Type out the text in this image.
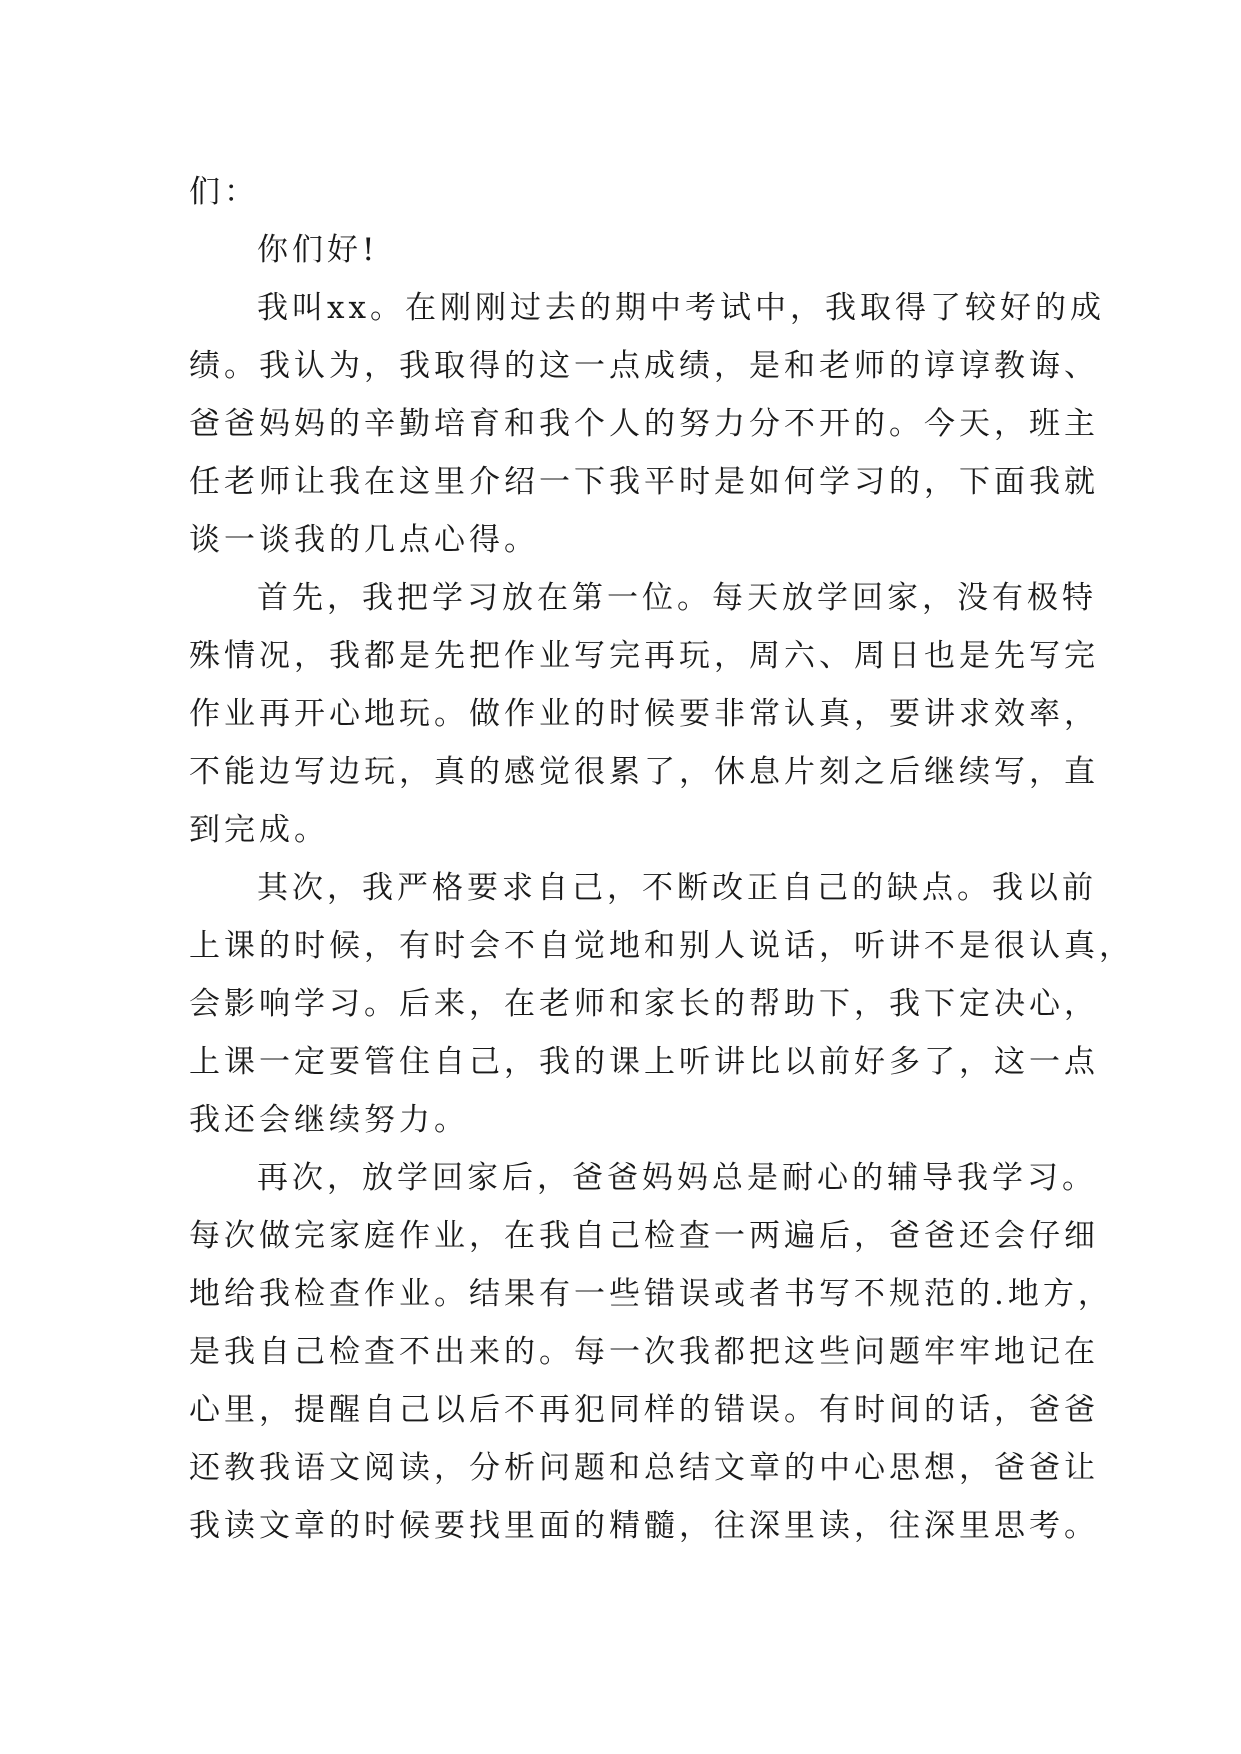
们：
你们好!
我叫xx。在刚刚过去的期中考试中，我取得了较好的成
绩。我认为，我取得的这一点成绩，是和老师的谆谆教诲、
爸爸妈妈的辛勤培育和我个人的努力分不开的。今天，班主
任老师让我在这里介绍一下我平时是如何学习的，下面我就
谈一谈我的几点心得。
首先，我把学习放在第一位。每天放学回家，没有极特
殊情况，我都是先把作业写完再玩，周六、周日也是先写完
作业再开心地玩。做作业的时候要非常认真，要讲求效率，
不能边写边玩，真的感觉很累了，休息片刻之后继续写，直
到完成。
其次，我严格要求自己，不断改正自己的缺点。我以前
上课的时候，有时会不自觉地和别人说话，听讲不是很认真，
会影响学习。后来，在老师和家长的帮助下，我下定决心，
上课一定要管住自己，我的课上听讲比以前好多了，这一点
我还会继续努力。
再次，放学回家后，爸爸妈妈总是耐心的辅导我学习。
每次做完家庭作业，在我自己检查一两遍后，爸爸还会仔细
地给我检查作业。结果有一些错误或者书写不规范的.地方，
是我自己检查不出来的。每一次我都把这些问题牢牢地记在
心里，提醒自己以后不再犯同样的错误。有时间的话，爸爸
还教我语文阅读，分析问题和总结文章的中心思想，爸爸让
我读文章的时候要找里面的精髓，往深里读，往深里思考。
